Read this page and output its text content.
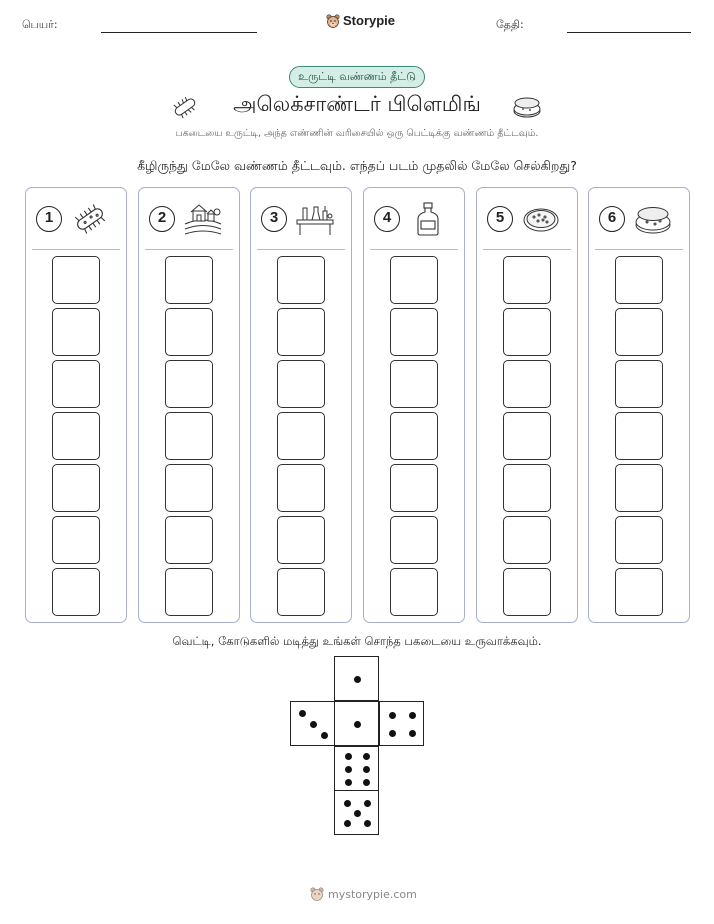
பெயர்:	Storypie	தேதி:
உருட்டி வண்ணம் தீட்டு
அலெக்சாண்டர் பிளெமிங்
பகடையை உருட்டி, அந்த எண்ணின் வரிசையில் ஒரு பெட்டிக்கு வண்ணம் தீட்டவும்.
கீழிருந்து மேலே வண்ணம் தீட்டவும். எந்தப் படம் முதலில் மேலே செல்கிறது?
1	2	3	4	5	6
வெட்டி, கோடுகளில் மடித்து உங்கள் சொந்த பகடையை உருவாக்கவும்.
mystorypie.com
